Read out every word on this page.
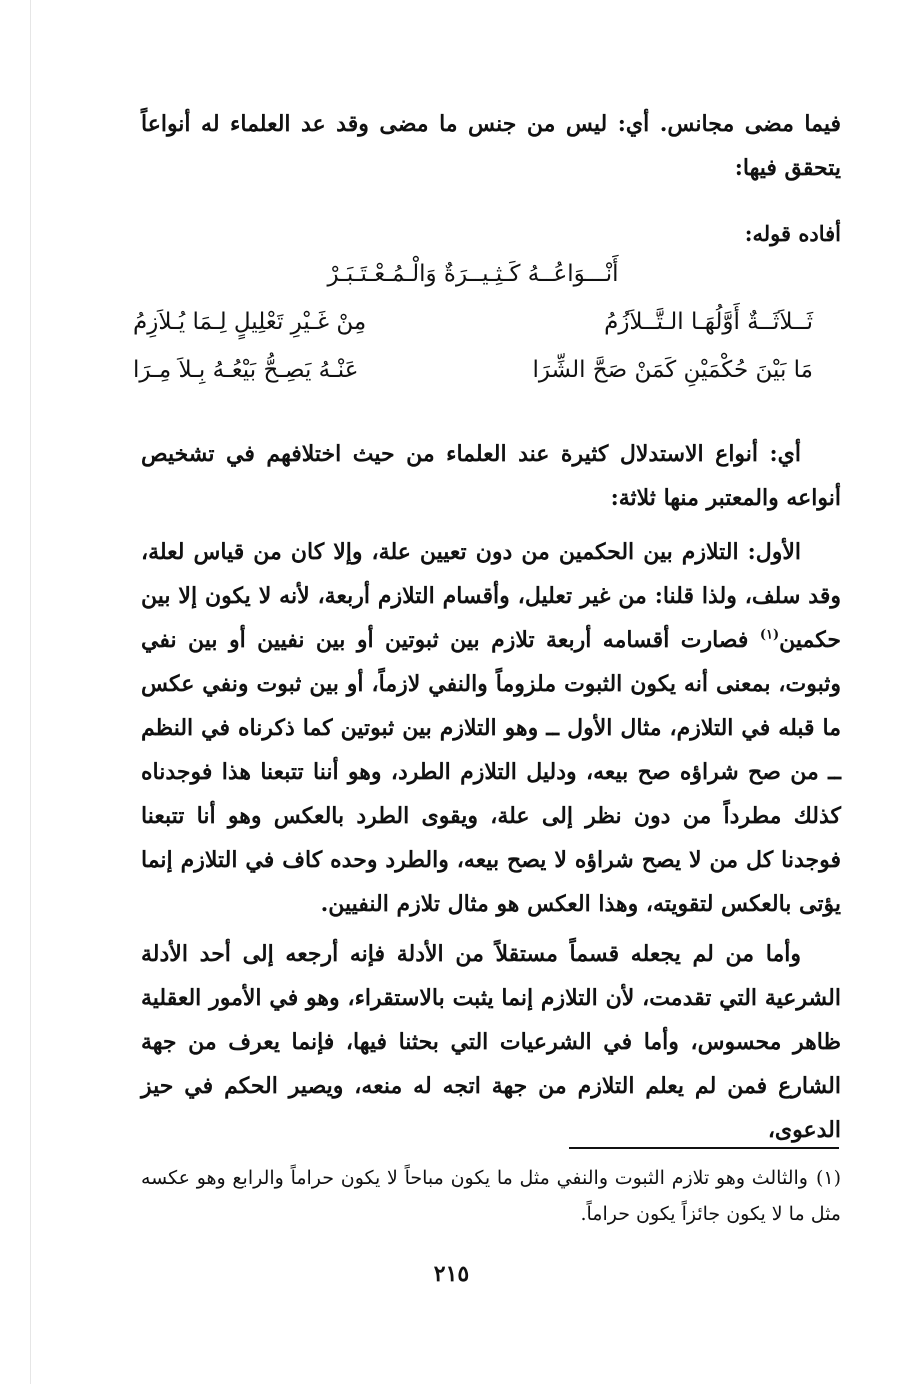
فيما مضى مجانس. أي: ليس من جنس ما مضى وقد عد العلماء له أنواعاً يتحقق فيها:

أفاده قوله:

أَنْـــوَاعُــهُ كَـثِـيــرَةٌ وَالْـمُـعْـتَـبَـرْ
ثَــلاَثَــةٌ أَوَّلُهَـا الـتَّــلاَزُمُ
مِنْ غَـيْرِ تَعْلِيلٍ لِـمَا يُـلاَزِمُ
مَا بَيْنَ حُكْمَيْنِ كَمَنْ صَحَّ الشِّرَا
عَنْـهُ يَصِـحُّ بَيْعُـهُ بِـلاَ مِـرَا

أي: أنواع الاستدلال كثيرة عند العلماء من حيث اختلافهم في تشخيص أنواعه والمعتبر منها ثلاثة:

الأول: التلازم بين الحكمين من دون تعيين علة، وإلا كان من قياس لعلة، وقد سلف، ولذا قلنا: من غير تعليل، وأقسام التلازم أربعة، لأنه لا يكون إلا بين حكمين$^{(١)}$ فصارت أقسامه أربعة تلازم بين ثبوتين أو بين نفيين أو بين نفي وثبوت، بمعنى أنه يكون الثبوت ملزوماً والنفي لازماً، أو بين ثبوت ونفي عكس ما قبله في التلازم، مثال الأول ــ وهو التلازم بين ثبوتين كما ذكرناه في النظم ــ من صح شراؤه صح بيعه، ودليل التلازم الطرد، وهو أننا تتبعنا هذا فوجدناه كذلك مطرداً من دون نظر إلى علة، ويقوى الطرد بالعكس وهو أنا تتبعنا فوجدنا كل من لا يصح شراؤه لا يصح بيعه، والطرد وحده كاف في التلازم إنما يؤتى بالعكس لتقويته، وهذا العكس هو مثال تلازم النفيين.

وأما من لم يجعله قسماً مستقلاً من الأدلة فإنه أرجعه إلى أحد الأدلة الشرعية التي تقدمت، لأن التلازم إنما يثبت بالاستقراء، وهو في الأمور العقلية ظاهر محسوس، وأما في الشرعيات التي بحثنا فيها، فإنما يعرف من جهة الشارع فمن لم يعلم التلازم من جهة اتجه له منعه، ويصير الحكم في حيز الدعوى،

(١)والثالث وهو تلازم الثبوت والنفي مثل ما يكون مباحاً لا يكون حراماً والرابع وهو عكسه مثل ما لا يكون جائزاً يكون حراماً.

٢١٥
